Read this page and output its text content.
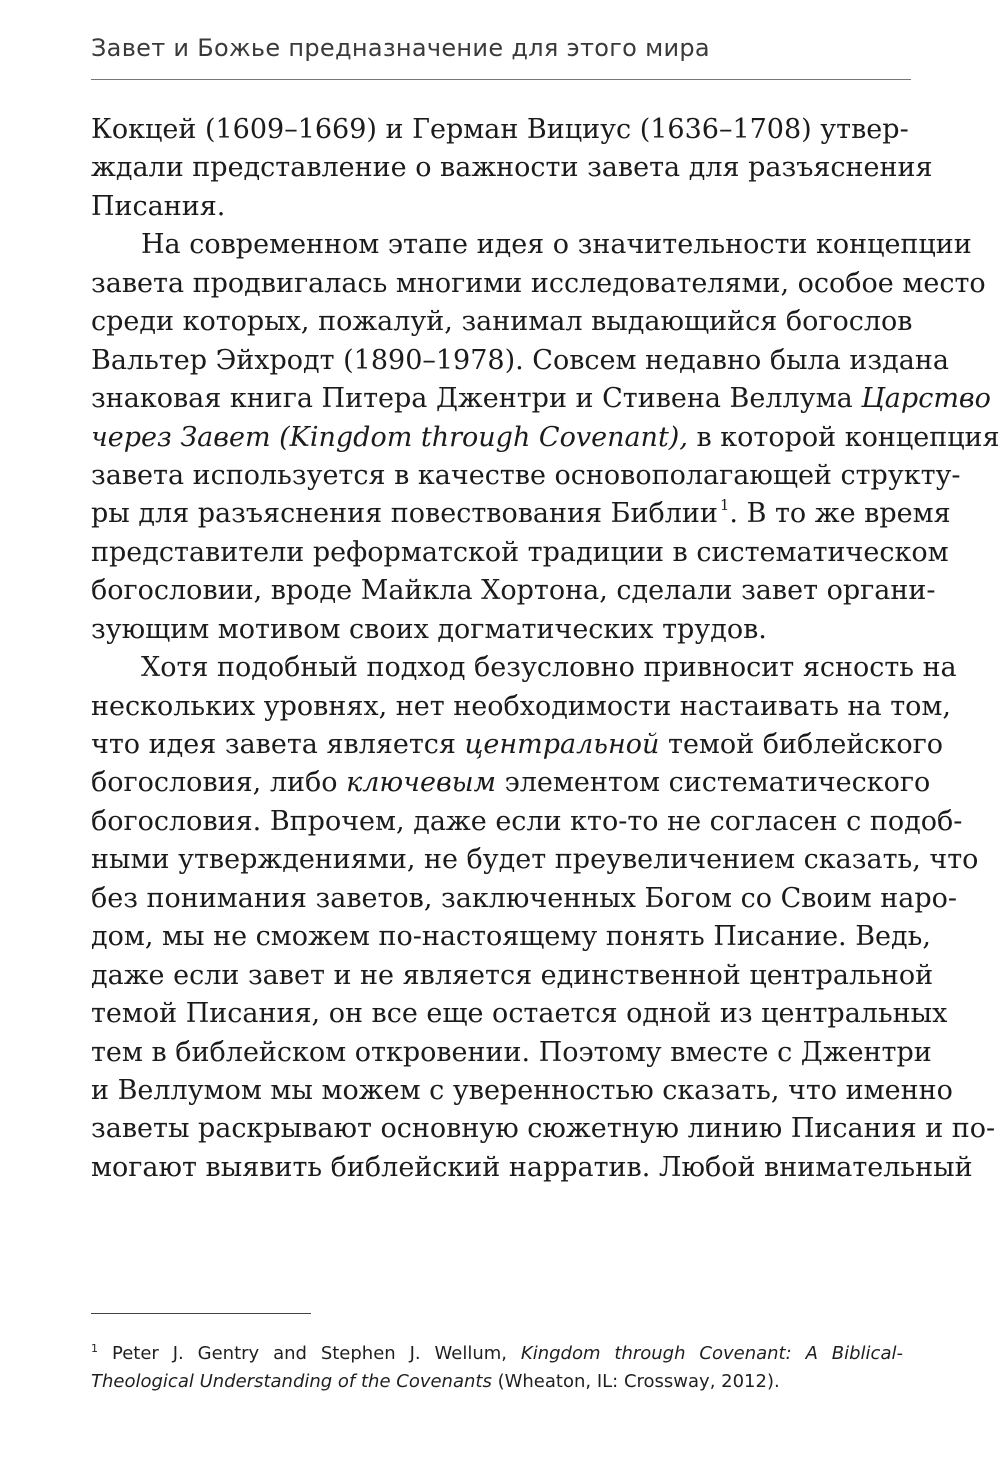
Завет и Божье предназначение для этого мира
Кокцей (1609–1669) и Герман Вициус (1636–1708) утвер-
ждали представление о важности завета для разъяснения
Писания.
На современном этапе идея о значительности концепции
завета продвигалась многими исследователями, особое место
среди которых, пожалуй, занимал выдающийся богослов
Вальтер Эйхродт (1890–1978). Совсем недавно была издана
знаковая книга Питера Джентри и Стивена Веллума Царство
через Завет (Kingdom through Covenant), в которой концепция
завета используется в качестве основополагающей структу-
ры для разъяснения повествования Библии $^1$. В то же время
представители реформатской традиции в систематическом
богословии, вроде Майкла Хортона, сделали завет органи-
зующим мотивом своих догматических трудов.
Хотя подобный подход безусловно привносит ясность на
нескольких уровнях, нет необходимости настаивать на том,
что идея завета является центральной темой библейского
богословия, либо ключевым элементом систематического
богословия. Впрочем, даже если кто-то не согласен с подоб-
ными утверждениями, не будет преувеличением сказать, что
без понимания заветов, заключенных Богом со Своим наро-
дом, мы не сможем по-настоящему понять Писание. Ведь,
даже если завет и не является единственной центральной
темой Писания, он все еще остается одной из центральных
тем в библейском откровении. Поэтому вместе с Джентри
и Веллумом мы можем с уверенностью сказать, что именно
заветы раскрывают основную сюжетную линию Писания и по-
могают выявить библейский нарратив. Любой внимательный
$^1$ Peter J. Gentry and Stephen J. Wellum, Kingdom through Covenant: A Biblical-
Theological Understanding of the Covenants (Wheaton, IL: Crossway, 2012).
